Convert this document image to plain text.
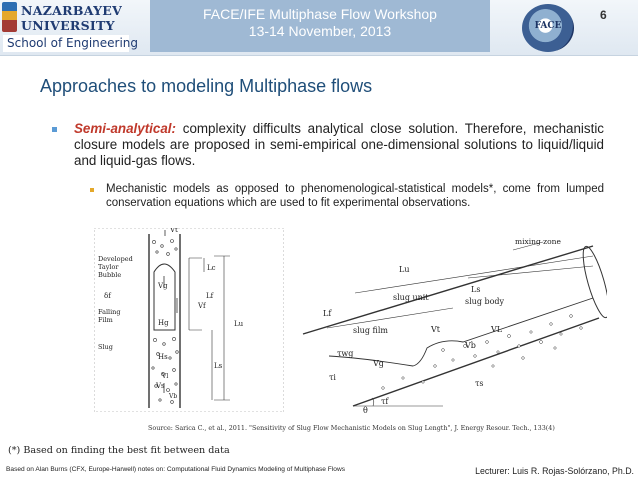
NAZARBAYEV
UNIVERSITY
School of Engineering
FACE/IFE Multiphase Flow Workshop
13-14 November, 2013	FACE
6
Approaches to modeling Multiphase flows
Semi-analytical: complexity difficults analytical close solution. Therefore, mechanistic closure models are proposed in semi-empirical one-dimensional solutions to liquid/liquid and liquid-gas flows.
Mechanistic models as opposed to phenomenological-statistical models*, come from lumped conservation equations which are used to fit experimental observations.
Developed
Taylor
Bubble
δf
Falling
Film
Slug
Vg
Hg
Vf
Hs
Vs
Vt
Lf
Lc
Lu
Ls
Vl
Vb
mixing zone
Lu
Ls
slug unit	slug body
Lf
slug film	Vt	VL
Vb
τwg
Vg
τi
τf
τs
θ
Source: Sarica C., et al., 2011. "Sensitivity of Slug Flow Mechanistic Models on Slug Length", J. Energy Resour. Tech., 133(4)
(*) Based on finding the best fit between data
Based on Alan Burns (CFX, Europe-Harwell) notes on: Computational Fluid Dynamics Modeling of Multiphase Flows	Lecturer: Luis R. Rojas-Solórzano, Ph.D.
